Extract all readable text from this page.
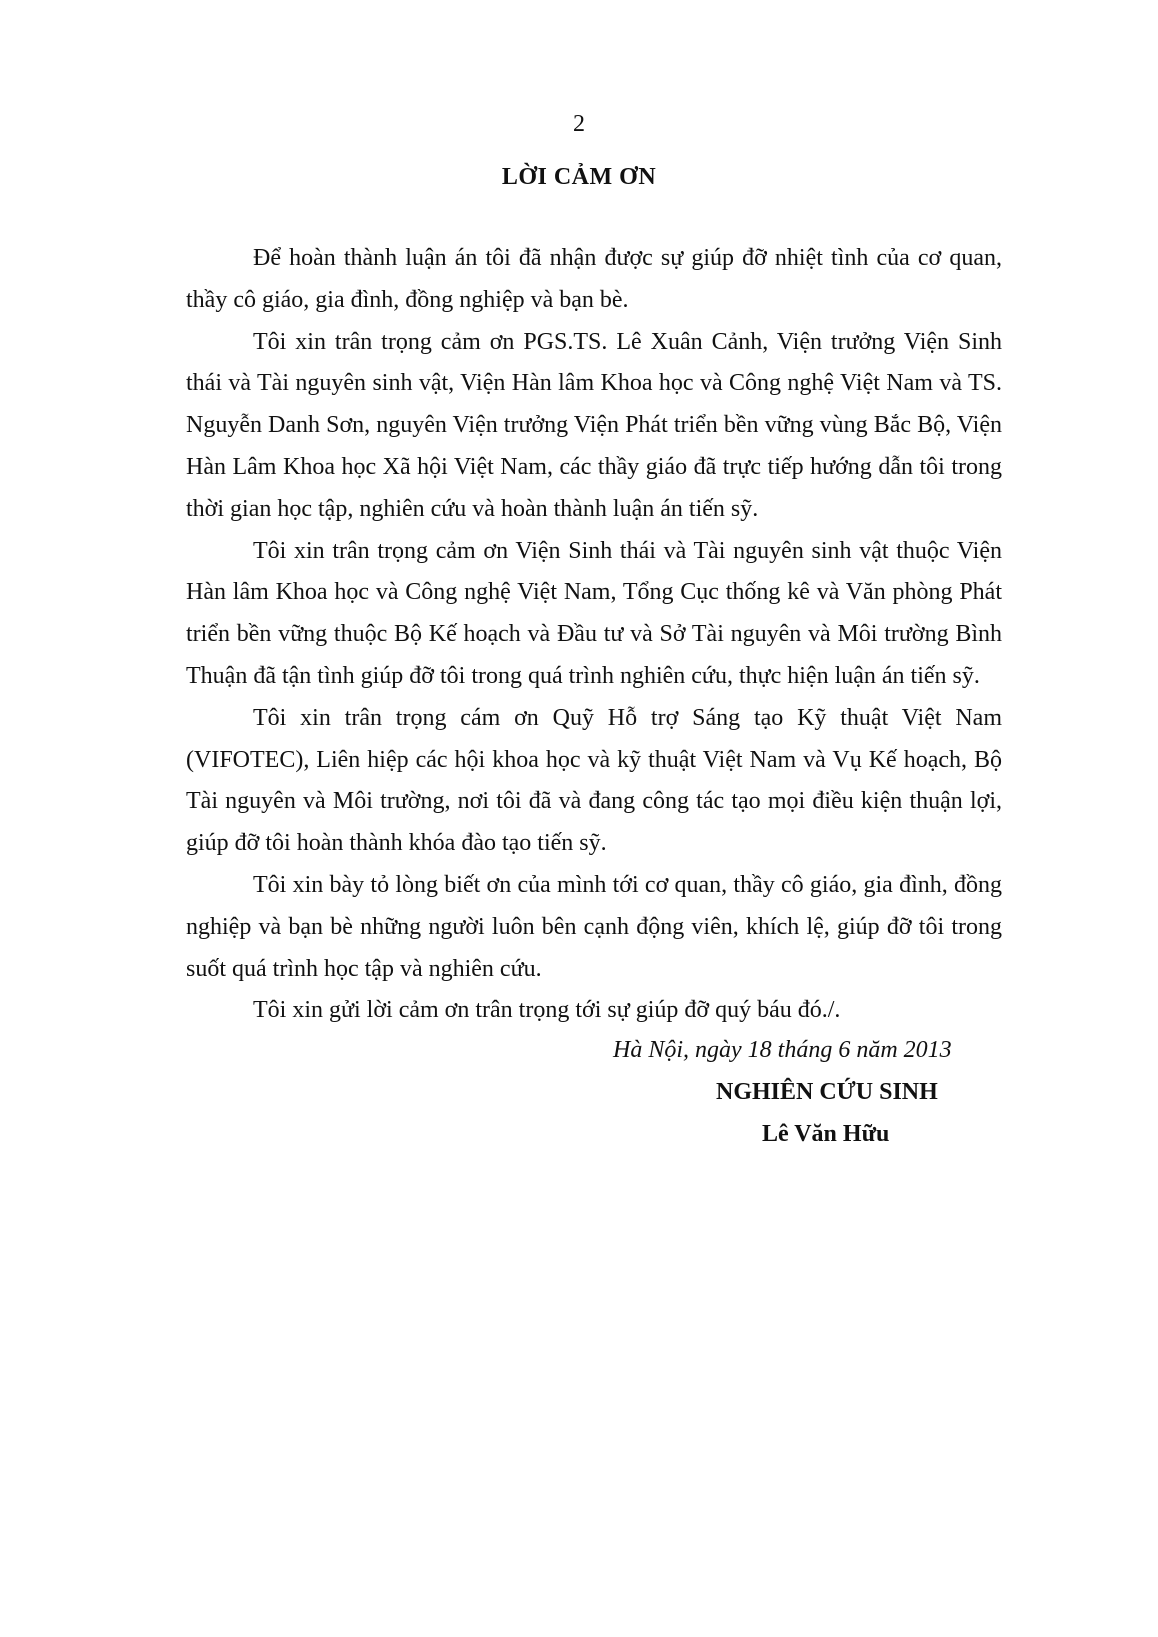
2
LỜI CẢM ƠN

Để hoàn thành luận án tôi đã nhận được sự giúp đỡ nhiệt tình của cơ quan, thầy cô giáo, gia đình, đồng nghiệp và bạn bè.

Tôi xin trân trọng cảm ơn PGS.TS. Lê Xuân Cảnh, Viện trưởng Viện Sinh thái và Tài nguyên sinh vật, Viện Hàn lâm Khoa học và Công nghệ Việt Nam và TS. Nguyễn Danh Sơn, nguyên Viện trưởng Viện Phát triển bền vững vùng Bắc Bộ, Viện Hàn Lâm Khoa học Xã hội Việt Nam, các thầy giáo đã trực tiếp hướng dẫn tôi trong thời gian học tập, nghiên cứu và hoàn thành luận án tiến sỹ.

Tôi xin trân trọng cảm ơn Viện Sinh thái và Tài nguyên sinh vật thuộc Viện Hàn lâm Khoa học và Công nghệ Việt Nam, Tổng Cục thống kê và Văn phòng Phát triển bền vững thuộc Bộ Kế hoạch và Đầu tư và Sở Tài nguyên và Môi trường Bình Thuận đã tận tình giúp đỡ tôi trong quá trình nghiên cứu, thực hiện luận án tiến sỹ.

Tôi xin trân trọng cám ơn Quỹ Hỗ trợ Sáng tạo Kỹ thuật Việt Nam (VIFOTEC), Liên hiệp các hội khoa học và kỹ thuật Việt Nam và Vụ Kế hoạch, Bộ Tài nguyên và Môi trường, nơi tôi đã và đang công tác tạo mọi điều kiện thuận lợi, giúp đỡ tôi hoàn thành khóa đào tạo tiến sỹ.

Tôi xin bày tỏ lòng biết ơn của mình tới cơ quan, thầy cô giáo, gia đình, đồng nghiệp và bạn bè những người luôn bên cạnh động viên, khích lệ, giúp đỡ tôi trong suốt quá trình học tập và nghiên cứu.

Tôi xin gửi lời cảm ơn trân trọng tới sự giúp đỡ quý báu đó./.

Hà Nội, ngày 18 tháng 6 năm 2013
NGHIÊN CỨU SINH
Lê Văn Hữu
